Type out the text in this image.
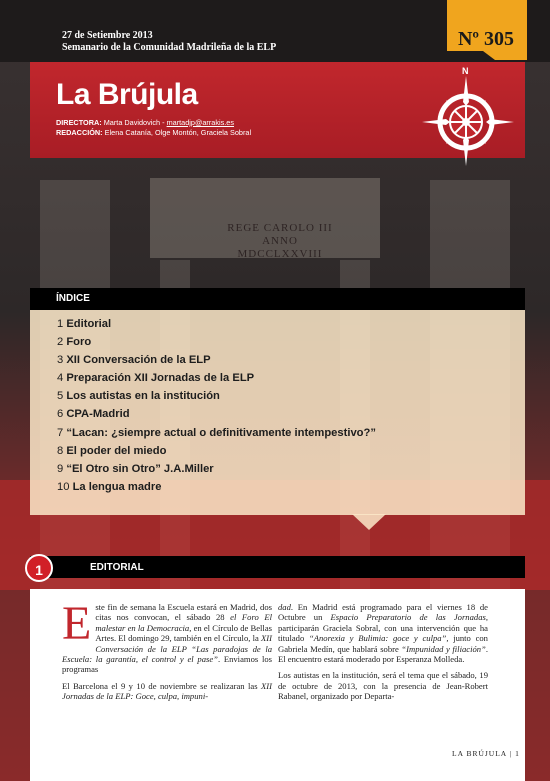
REGE CAROLO III
ANNO
MDCCLXXVIII
27 de Setiembre 2013
Semanario de la Comunidad Madrileña de la ELP	Nº 305
La Brújula
DIRECTORA: Marta Davidovich - martadjp@arrakis.es
REDACCIÓN: Elena Catanía, Olge Montón, Graciela Sobral
N
ÍNDICE
1 Editorial
2 Foro
3 XII Conversación de la ELP
4 Preparación XII Jornadas de la ELP
5 Los autistas en la institución
6 CPA-Madrid
7 “Lacan: ¿siempre actual o definitivamente intempestivo?”
8 El poder del miedo
9 “El Otro sin Otro” J.A.Miller
10 La lengua madre
1	EDITORIAL

Este fin de semana la Escuela estará en Madrid, dos citas nos convocan, el sábado 28 el Foro El malestar en la Democracia, en el Círculo de Bellas Artes. El domingo 29, también en el Círculo, la XII Conversación de la ELP “Las paradojas de la Escuela: la garantía, el control y el pase”. Enviamos los programas

El Barcelona el 9 y 10 de noviembre se realizaran las XII Jornadas de la ELP: Goce, culpa, impuni-

dad. En Madrid está programado para el viernes 18 de Octubre un Espacio Preparatorio de las Jornadas, participarán Graciela Sobral, con una intervención que ha titulado “Anorexia y Bulimia: goce y culpa”, junto con Gabriela Medín, que hablará sobre “Impunidad y filiación”. El encuentro estará moderado por Esperanza Molleda.

Los autistas en la institución, será el tema que el sábado, 19 de octubre de 2013, con la presencia de Jean-Robert Rabanel, organizado por Departa-

LA BRÚJULA | 1
